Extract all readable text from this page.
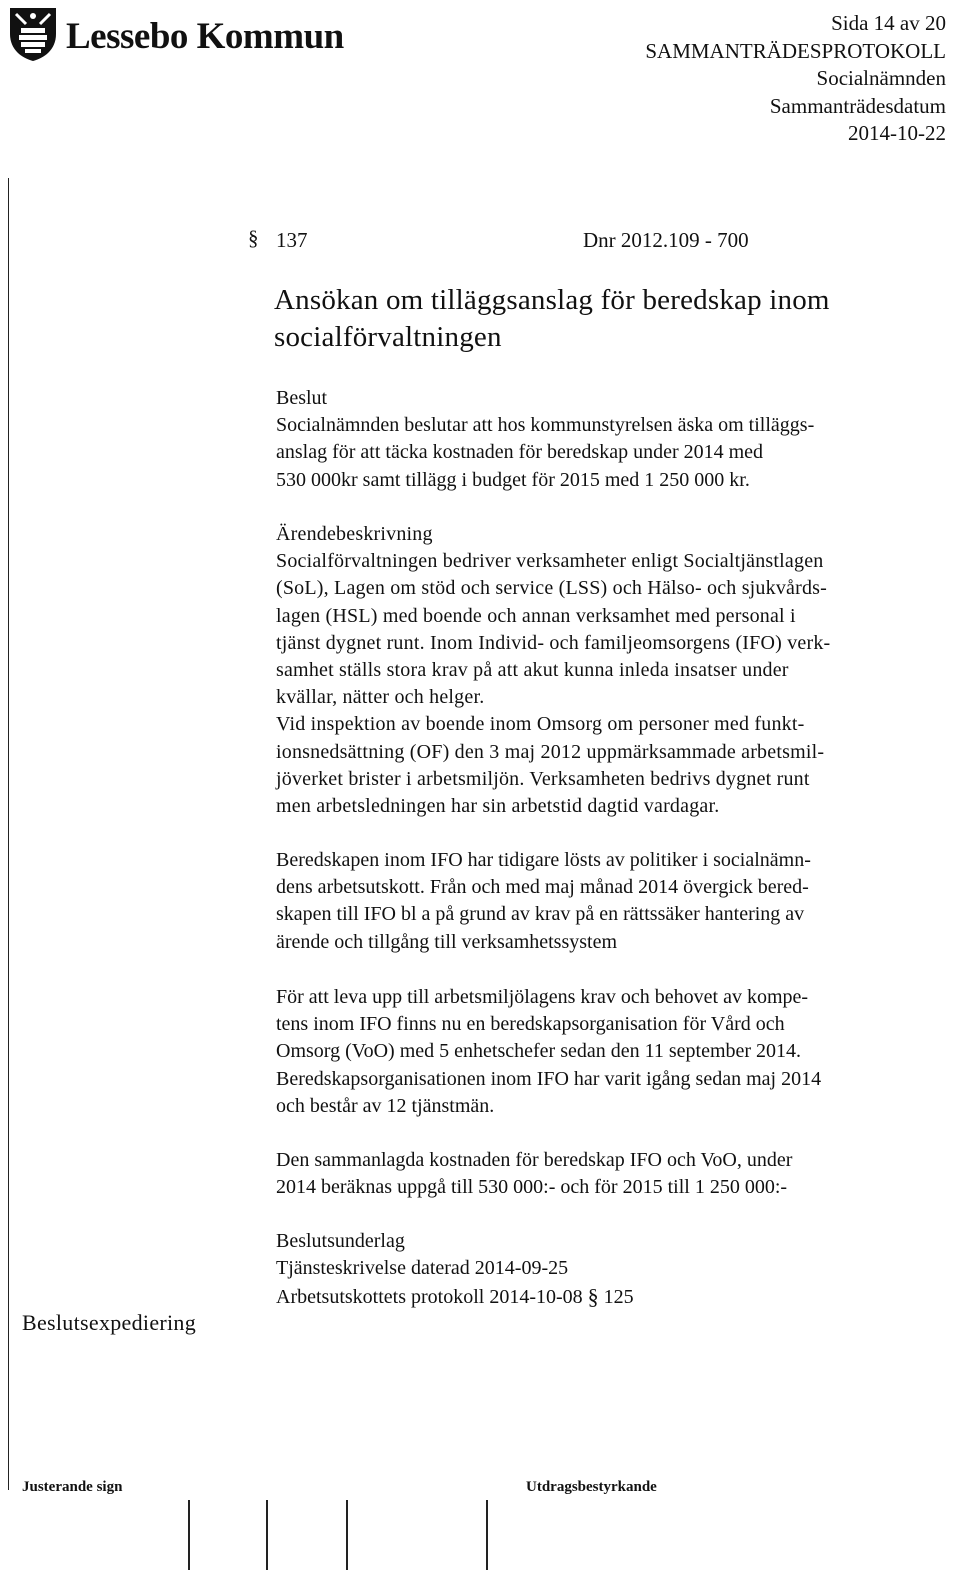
Lessebo Kommun	Sida 14 av 20
SAMMANTRÄDESPROTOKOLL
Socialnämnden
Sammanträdesdatum
2014-10-22
§ 137	Dnr 2012.109 - 700
Ansökan om tilläggsanslag för beredskap inom socialförvaltningen
Beslut
Socialnämnden beslutar att hos kommunstyrelsen äska om tilläggs-
anslag för att täcka kostnaden för beredskap under 2014 med
530 000kr samt tillägg i budget för 2015 med 1 250 000 kr.
Ärendebeskrivning
Socialförvaltningen bedriver verksamheter enligt Socialtjänstlagen
(SoL), Lagen om stöd och service (LSS) och Hälso- och sjukvårds-
lagen (HSL) med boende och annan verksamhet med personal i
tjänst dygnet runt. Inom Individ- och familjeomsorgens (IFO) verk-
samhet ställs stora krav på att akut kunna inleda insatser under
kvällar, nätter och helger.
Vid inspektion av boende inom Omsorg om personer med funkt-
ionsnedsättning (OF) den 3 maj 2012 uppmärksammade arbetsmil-
jöverket brister i arbetsmiljön. Verksamheten bedrivs dygnet runt
men arbetsledningen har sin arbetstid dagtid vardagar.
Beredskapen inom IFO har tidigare lösts av politiker i socialnämn-
dens arbetsutskott. Från och med maj månad 2014 övergick bered-
skapen till IFO bl a på grund av krav på en rättssäker hantering av
ärende och tillgång till verksamhetssystem
För att leva upp till arbetsmiljölagens krav och behovet av kompe-
tens inom IFO finns nu en beredskapsorganisation för Vård och
Omsorg (VoO) med 5 enhetschefer sedan den 11 september 2014.
Beredskapsorganisationen inom IFO har varit igång sedan maj 2014
och består av 12 tjänstmän.
Den sammanlagda kostnaden för beredskap IFO och VoO, under
2014 beräknas uppgå till 530 000:- och för 2015 till 1 250 000:-
Beslutsunderlag
Tjänsteskrivelse daterad 2014-09-25
Arbetsutskottets protokoll 2014-10-08 § 125
Beslutsexpediering
Justerande sign	Utdragsbestyrkande
